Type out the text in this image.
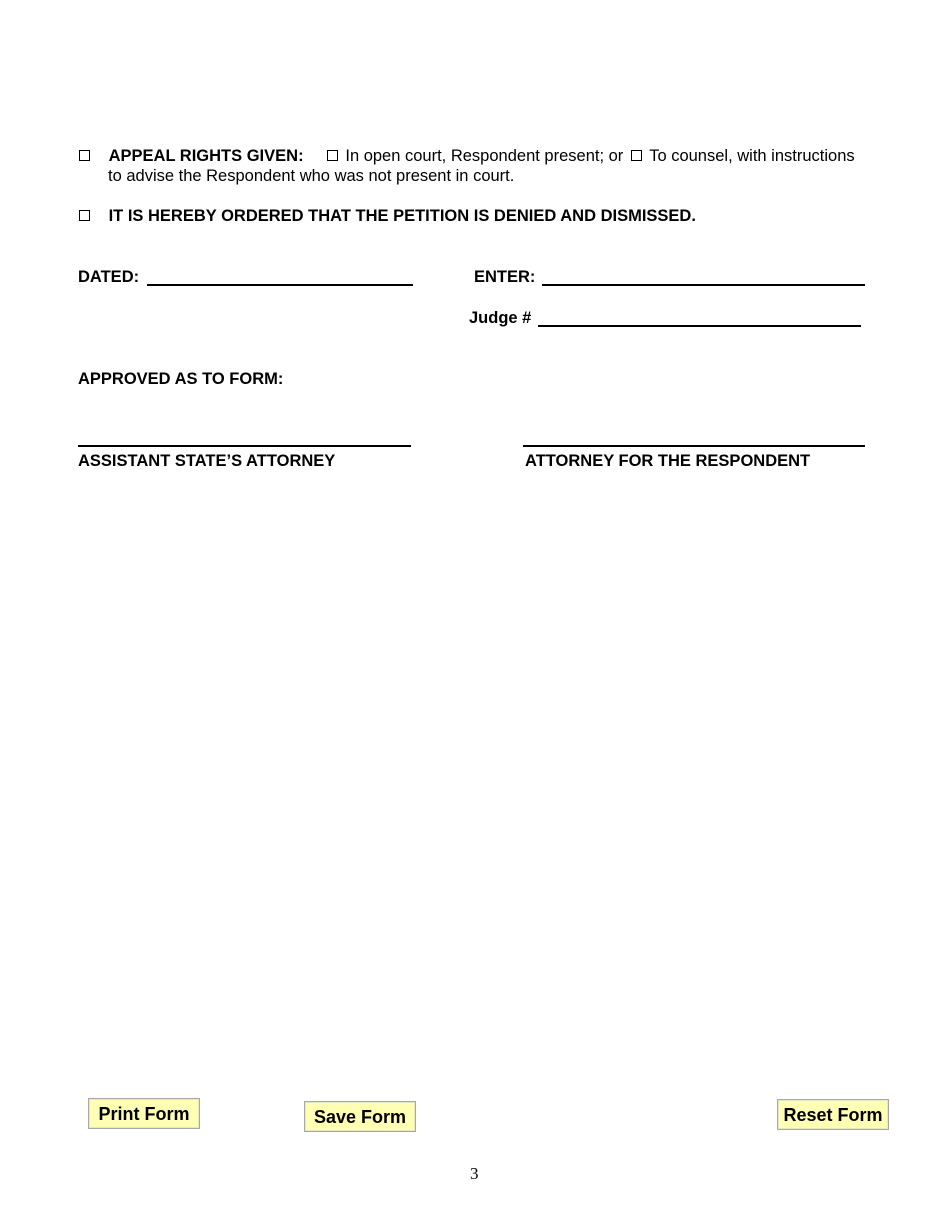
APPEAL RIGHTS GIVEN:	In open court, Respondent present; or To counsel, with instructions
to advise the Respondent who was not present in court.
IT IS HEREBY ORDERED THAT THE PETITION IS DENIED AND DISMISSED.
DATED:	ENTER:
Judge #
APPROVED AS TO FORM:
ASSISTANT STATE’S ATTORNEY	ATTORNEY FOR THE RESPONDENT
Print Form	Save Form	Reset Form
3
